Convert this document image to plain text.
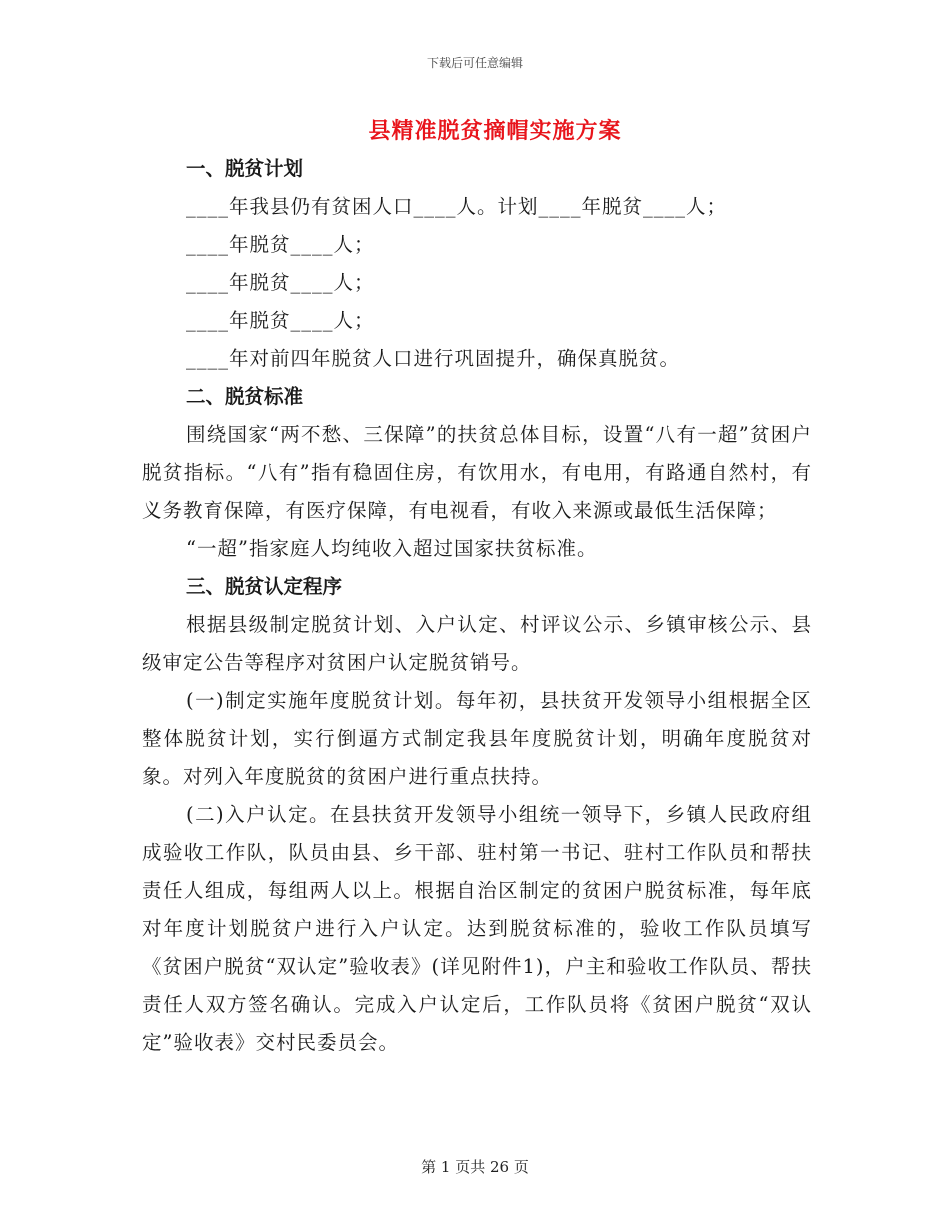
下载后可任意编辑
县精准脱贫摘帽实施方案

一、脱贫计划

____年我县仍有贫困人口____人。计划____年脱贫____人；

____年脱贫____人；

____年脱贫____人；

____年脱贫____人；

____年对前四年脱贫人口进行巩固提升，确保真脱贫。

二、脱贫标准

围绕国家“两不愁、三保障”的扶贫总体目标，设置“八有一超”贫困户脱贫指标。“八有”指有稳固住房，有饮用水，有电用，有路通自然村，有义务教育保障，有医疗保障，有电视看，有收入来源或最低生活保障；

“一超”指家庭人均纯收入超过国家扶贫标准。

三、脱贫认定程序

根据县级制定脱贫计划、入户认定、村评议公示、乡镇审核公示、县级审定公告等程序对贫困户认定脱贫销号。

(一)制定实施年度脱贫计划。每年初，县扶贫开发领导小组根据全区整体脱贫计划，实行倒逼方式制定我县年度脱贫计划，明确年度脱贫对象。对列入年度脱贫的贫困户进行重点扶持。

(二)入户认定。在县扶贫开发领导小组统一领导下，乡镇人民政府组成验收工作队，队员由县、乡干部、驻村第一书记、驻村工作队员和帮扶责任人组成，每组两人以上。根据自治区制定的贫困户脱贫标准，每年底对年度计划脱贫户进行入户认定。达到脱贫标准的，验收工作队员填写《贫困户脱贫“双认定”验收表》(详见附件1)，户主和验收工作队员、帮扶责任人双方签名确认。完成入户认定后，工作队员将《贫困户脱贫“双认定”验收表》交村民委员会。

第 1 页共 26 页
